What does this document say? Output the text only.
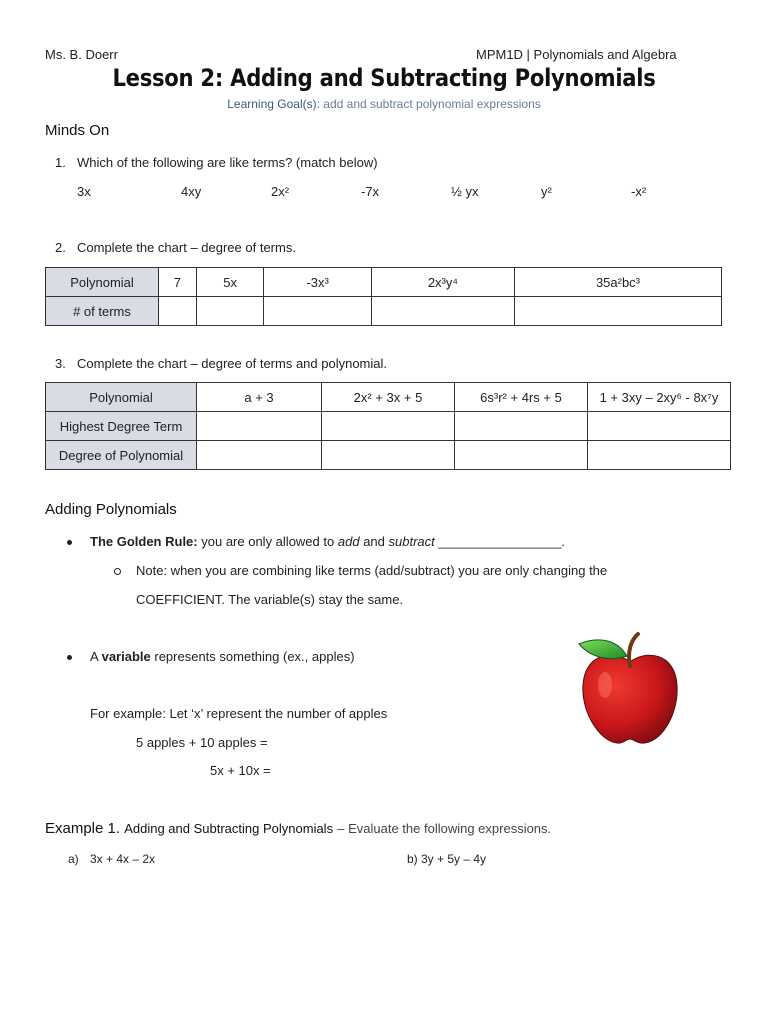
Ms. B. Doerr	MPM1D | Polynomials and Algebra
Lesson 2: Adding and Subtracting Polynomials
Learning Goal(s): add and subtract polynomial expressions
Minds On
1. Which of the following are like terms? (match below)
3x	4xy	2x²	-7x	½ yx	y²	-x²
2. Complete the chart – degree of terms.
Polynomial	7	5x	-3x³	2x³y⁴	35a²bc³
# of terms					
3. Complete the chart – degree of terms and polynomial.
Polynomial	a + 3	2x² + 3x + 5	6s³r² + 4rs + 5	1 + 3xy – 2xy⁶ - 8x⁷y
Highest Degree Term				
Degree of Polynomial				
Adding Polynomials
The Golden Rule: you are only allowed to add and subtract _________________.
Note: when you are combining like terms (add/subtract) you are only changing the
COEFFICIENT. The variable(s) stay the same.
A variable represents something (ex., apples)
For example: Let ‘x’ represent the number of apples
5 apples + 10 apples =
5x + 10x =
Example 1. Adding and Subtracting Polynomials – Evaluate the following expressions.
a) 3x + 4x – 2x	b) 3y + 5y – 4y
